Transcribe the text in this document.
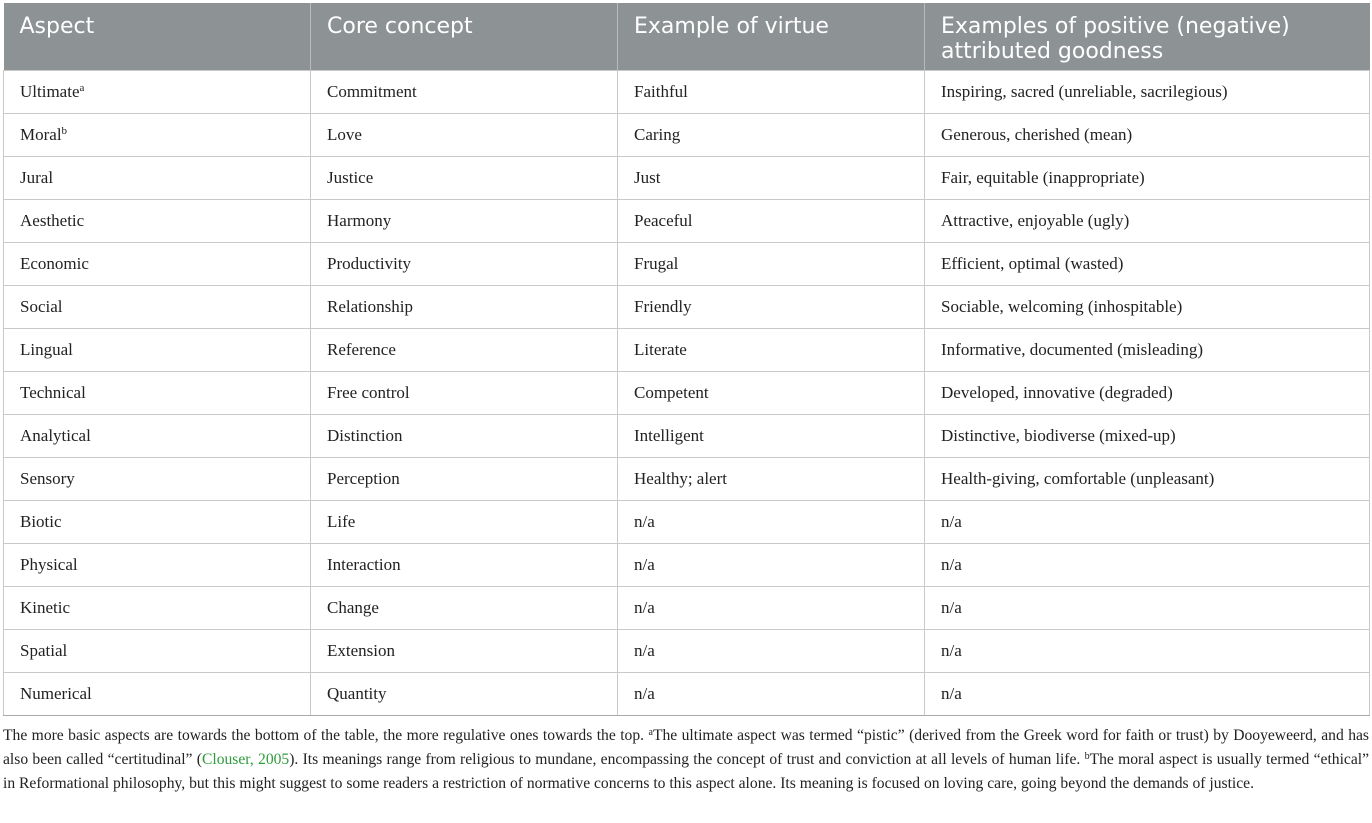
Aspect	Core concept	Example of virtue	Examples of positive (negative) attributed goodness
Ultimate$^a$	Commitment	Faithful	Inspiring, sacred (unreliable, sacrilegious)
Moral$^b$	Love	Caring	Generous, cherished (mean)
Jural	Justice	Just	Fair, equitable (inappropriate)
Aesthetic	Harmony	Peaceful	Attractive, enjoyable (ugly)
Economic	Productivity	Frugal	Efficient, optimal (wasted)
Social	Relationship	Friendly	Sociable, welcoming (inhospitable)
Lingual	Reference	Literate	Informative, documented (misleading)
Technical	Free control	Competent	Developed, innovative (degraded)
Analytical	Distinction	Intelligent	Distinctive, biodiverse (mixed-up)
Sensory	Perception	Healthy; alert	Health-giving, comfortable (unpleasant)
Biotic	Life	n/a	n/a
Physical	Interaction	n/a	n/a
Kinetic	Change	n/a	n/a
Spatial	Extension	n/a	n/a
Numerical	Quantity	n/a	n/a
The more basic aspects are towards the bottom of the table, the more regulative ones towards the top. $^a$The ultimate aspect was termed “pistic” (derived from the Greek word for faith or trust) by Dooyeweerd, and has also been called “certitudinal” (Clouser, 2005). Its meanings range from religious to mundane, encompassing the concept of trust and conviction at all levels of human life. $^b$The moral aspect is usually termed “ethical” in Reformational philosophy, but this might suggest to some readers a restriction of normative concerns to this aspect alone. Its meaning is focused on loving care, going beyond the demands of justice.
